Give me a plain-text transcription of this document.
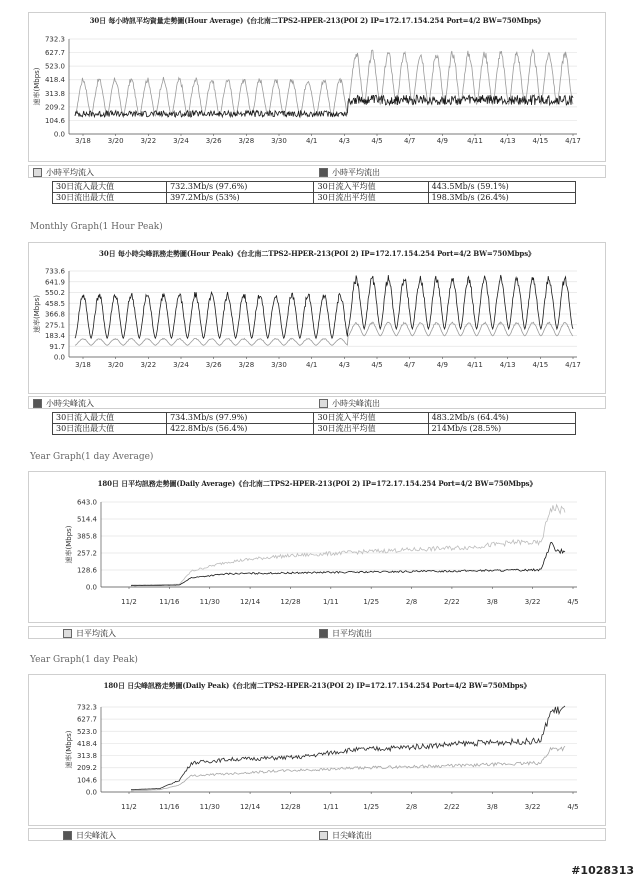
30日 每小時訊平均資量走勢圖(Hour Average)《台北南二TPS2-HPER-213(POI 2) IP=172.17.154.254 Port=4/2 BW=750Mbps》
732.3
627.7
523.0
418.4
313.8
209.2
104.6
0.0
速率(Mbps)
3/18 3/20 3/22 3/24 3/26 3/28 3/30	4/1	4/3	4/5	4/7	4/9	4/11 4/13 4/15 4/17
小時平均流入	小時平均流出
30日流入最大值	732.3Mb/s (97.6%)	30日流入平均值	443.5Mb/s (59.1%)
30日流出最大值	397.2Mb/s (53%)	30日流出平均值	198.3Mb/s (26.4%)
Monthly Graph(1 Hour Peak)
30日 每小時尖峰訊務走勢圖(Hour Peak)《台北南二TPS2-HPER-213(POI 2) IP=172.17.154.254 Port=4/2 BW=750Mbps》
733.6
641.9
550.2
458.5
366.8
275.1
183.4
91.7
0.0
速率(Mbps)
3/18 3/20 3/22 3/24 3/26 3/28 3/30	4/1	4/3	4/5	4/7	4/9	4/11 4/13 4/15 4/17
小時尖峰流入	小時尖峰流出
30日流入最大值	734.3Mb/s (97.9%)	30日流入平均值	483.2Mb/s (64.4%)
30日流出最大值	422.8Mb/s (56.4%)	30日流出平均值	214Mb/s (28.5%)
Year Graph(1 day Average)
180日 日平均訊務走勢圖(Daily Average)《台北南二TPS2-HPER-213(POI 2) IP=172.17.154.254 Port=4/2 BW=750Mbps》
643.0
514.4
385.8
257.2
128.6
0.0
速率(Mbps)
11/2	11/16	11/30	12/14	12/28	1/11	1/25	2/8	2/22	3/8	3/22	4/5
日平均流入	日平均流出
Year Graph(1 day Peak)
180日 日尖峰訊務走勢圖(Daily Peak)《台北南二TPS2-HPER-213(POI 2) IP=172.17.154.254 Port=4/2 BW=750Mbps》
732.3
627.7
523.0
418.4
313.8
209.2
104.6
0.0
速率(Mbps)
11/2	11/16	11/30	12/14	12/28	1/11	1/25	2/8	2/22	3/8	3/22	4/5
日尖峰流入	日尖峰流出
#1028313
